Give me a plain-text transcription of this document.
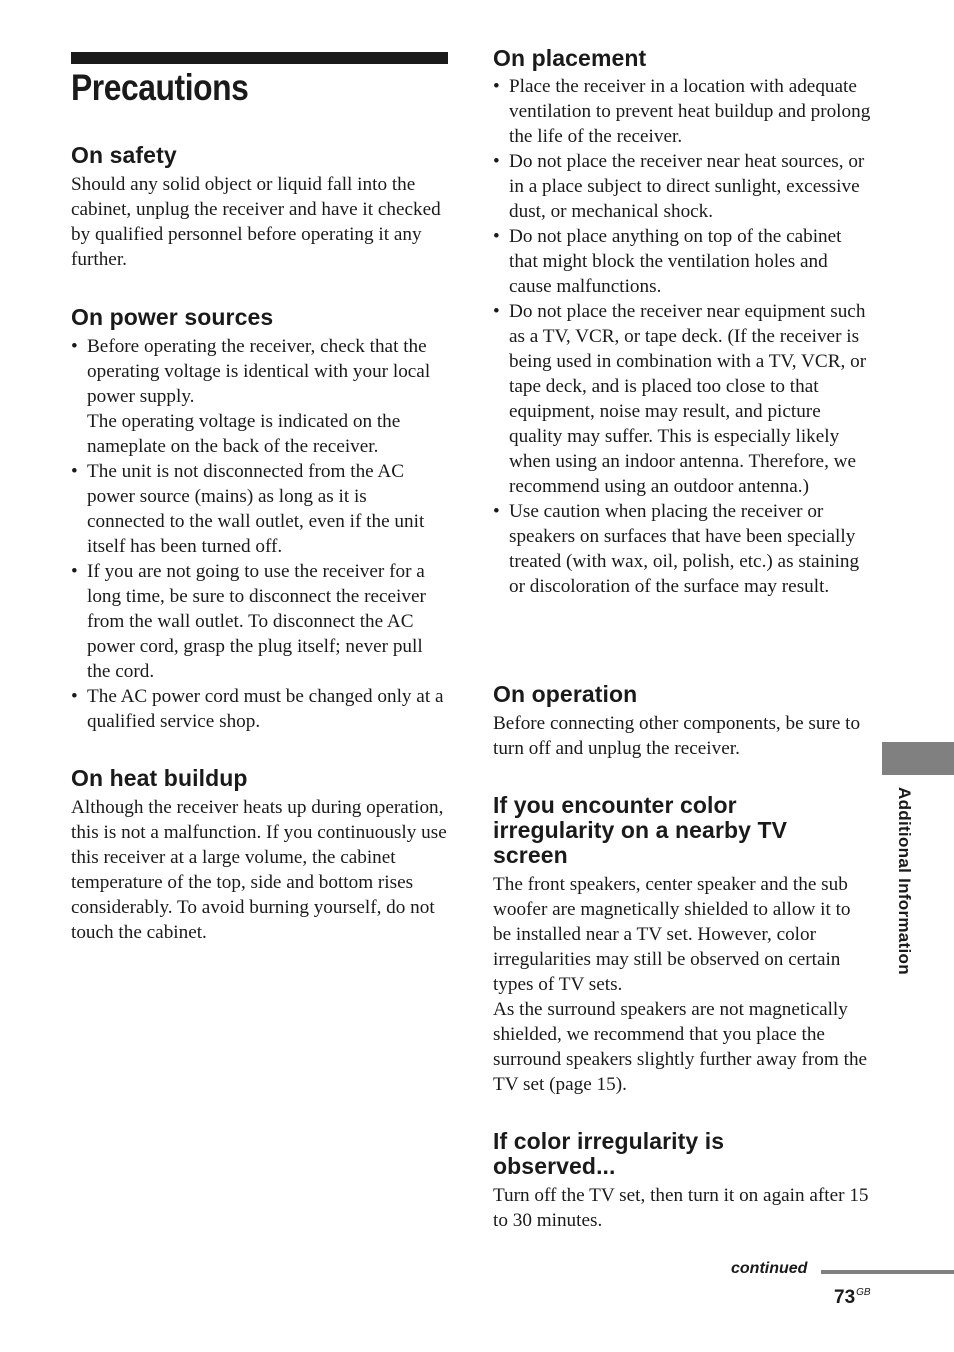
Precautions
On safety

Should any solid object or liquid fall into the cabinet, unplug the receiver and have it checked by qualified personnel before operating it any further.

On power sources
• Before operating the receiver, check that the operating voltage is identical with your local power supply.

The operating voltage is indicated on the nameplate on the back of the receiver.

• The unit is not disconnected from the AC power source (mains) as long as it is connected to the wall outlet, even if the unit itself has been turned off.
• If you are not going to use the receiver for a long time, be sure to disconnect the receiver from the wall outlet. To disconnect the AC power cord, grasp the plug itself; never pull the cord.
• The AC power cord must be changed only at a qualified service shop.
On heat buildup

Although the receiver heats up during operation, this is not a malfunction. If you continuously use this receiver at a large volume, the cabinet temperature of the top, side and bottom rises considerably. To avoid burning yourself, do not touch the cabinet.

On placement
• Place the receiver in a location with adequate ventilation to prevent heat buildup and prolong the life of the receiver.
• Do not place the receiver near heat sources, or in a place subject to direct sunlight, excessive dust, or mechanical shock.
• Do not place anything on top of the cabinet that might block the ventilation holes and cause malfunctions.
• Do not place the receiver near equipment such as a TV, VCR, or tape deck. (If the receiver is being used in combination with a TV, VCR, or tape deck, and is placed too close to that equipment, noise may result, and picture quality may suffer. This is especially likely when using an indoor antenna. Therefore, we recommend using an outdoor antenna.)
• Use caution when placing the receiver or speakers on surfaces that have been specially treated (with wax, oil, polish, etc.) as staining or discoloration of the surface may result.
On operation

Before connecting other components, be sure to turn off and unplug the receiver.

If you encounter color irregularity on a nearby TV screen

The front speakers, center speaker and the sub woofer are magnetically shielded to allow it to be installed near a TV set. However, color irregularities may still be observed on certain types of TV sets.

As the surround speakers are not magnetically shielded, we recommend that you place the surround speakers slightly further away from the TV set (page 15).

If color irregularity is observed...

Turn off the TV set, then turn it on again after 15 to 30 minutes.

Additional Information
continued
$73^{GB}$
